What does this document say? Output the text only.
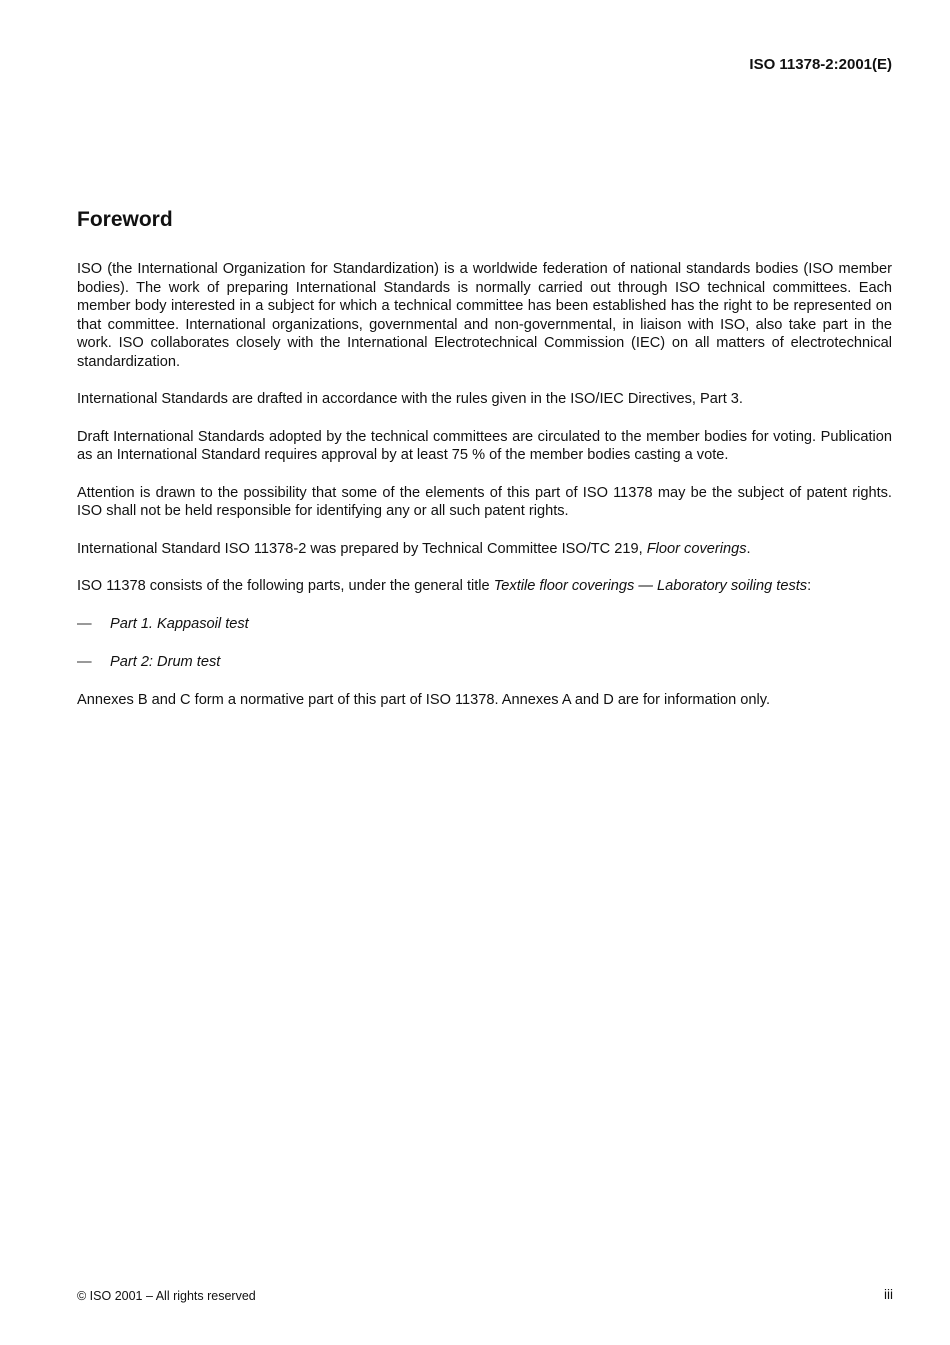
ISO 11378-2:2001(E)
Foreword

ISO (the International Organization for Standardization) is a worldwide federation of national standards bodies (ISO member bodies). The work of preparing International Standards is normally carried out through ISO technical committees. Each member body interested in a subject for which a technical committee has been established has the right to be represented on that committee. International organizations, governmental and non-governmental, in liaison with ISO, also take part in the work. ISO collaborates closely with the International Electrotechnical Commission (IEC) on all matters of electrotechnical standardization.

International Standards are drafted in accordance with the rules given in the ISO/IEC Directives, Part 3.

Draft International Standards adopted by the technical committees are circulated to the member bodies for voting. Publication as an International Standard requires approval by at least 75 % of the member bodies casting a vote.

Attention is drawn to the possibility that some of the elements of this part of ISO 11378 may be the subject of patent rights. ISO shall not be held responsible for identifying any or all such patent rights.

International Standard ISO 11378-2 was prepared by Technical Committee ISO/TC 219, Floor coverings.

ISO 11378 consists of the following parts, under the general title Textile floor coverings — Laboratory soiling tests:

—	Part 1. Kappasoil test
—	Part 2: Drum test

Annexes B and C form a normative part of this part of ISO 11378. Annexes A and D are for information only.

© ISO 2001 – All rights reserved	iii
